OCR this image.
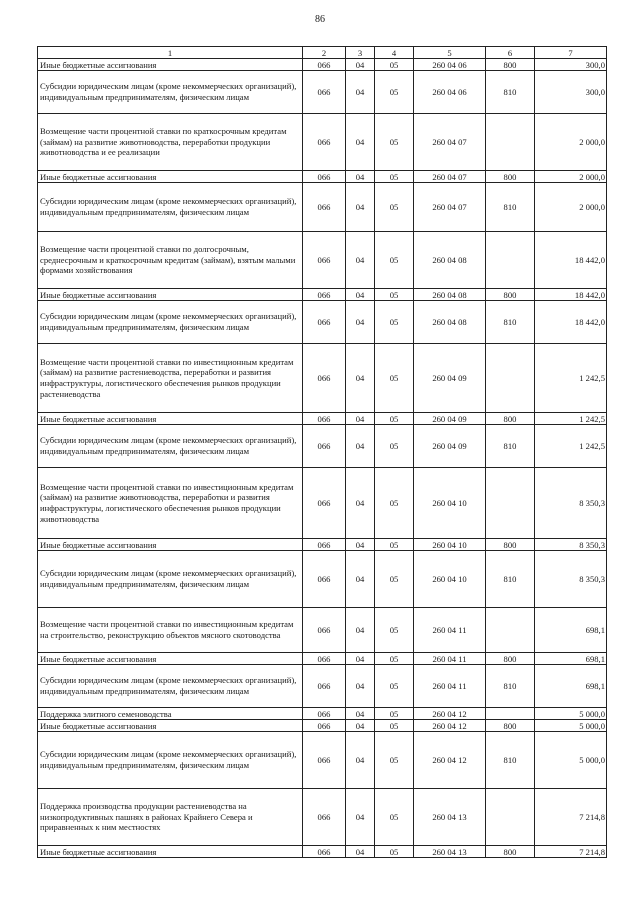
86
1	2	3	4	5	6	7
Иные бюджетные ассигнования	066	04	05	260 04 06	800	300,0
Субсидии юридическим лицам (кроме некоммерческих организаций), индивидуальным предпринимателям, физическим лицам	066	04	05	260 04 06	810	300,0
Возмещение части процентной ставки по краткосрочным кредитам (займам) на развитие животноводства, переработки продукции животноводства и ее реализации	066	04	05	260 04 07		2 000,0
Иные бюджетные ассигнования	066	04	05	260 04 07	800	2 000,0
Субсидии юридическим лицам (кроме некоммерческих организаций), индивидуальным предпринимателям, физическим лицам	066	04	05	260 04 07	810	2 000,0
Возмещение части процентной ставки по долгосрочным, среднесрочным и краткосрочным кредитам (займам), взятым малыми формами хозяйствования	066	04	05	260 04 08		18 442,0
Иные бюджетные ассигнования	066	04	05	260 04 08	800	18 442,0
Субсидии юридическим лицам (кроме некоммерческих организаций), индивидуальным предпринимателям, физическим лицам	066	04	05	260 04 08	810	18 442,0
Возмещение части процентной ставки по инвестиционным кредитам (займам) на развитие растениеводства, переработки и развития инфраструктуры, логистического обеспечения рынков продукции растениеводства	066	04	05	260 04 09		1 242,5
Иные бюджетные ассигнования	066	04	05	260 04 09	800	1 242,5
Субсидии юридическим лицам (кроме некоммерческих организаций), индивидуальным предпринимателям, физическим лицам	066	04	05	260 04 09	810	1 242,5
Возмещение части процентной ставки по инвестиционным кредитам (займам) на развитие животноводства, переработки и развития инфраструктуры, логистического обеспечения рынков продукции животноводства	066	04	05	260 04 10		8 350,3
Иные бюджетные ассигнования	066	04	05	260 04 10	800	8 350,3
Субсидии юридическим лицам (кроме некоммерческих организаций), индивидуальным предпринимателям, физическим лицам	066	04	05	260 04 10	810	8 350,3
Возмещение части процентной ставки по инвестиционным кредитам на строительство, реконструкцию объектов мясного скотоводства	066	04	05	260 04 11		698,1
Иные бюджетные ассигнования	066	04	05	260 04 11	800	698,1
Субсидии юридическим лицам (кроме некоммерческих организаций), индивидуальным предпринимателям, физическим лицам	066	04	05	260 04 11	810	698,1
Поддержка элитного семеноводства	066	04	05	260 04 12		5 000,0
Иные бюджетные ассигнования	066	04	05	260 04 12	800	5 000,0
Субсидии юридическим лицам (кроме некоммерческих организаций), индивидуальным предпринимателям, физическим лицам	066	04	05	260 04 12	810	5 000,0
Поддержка производства продукции растениеводства на низкопродуктивных пашнях в районах Крайнего Севера и приравненных к ним местностях	066	04	05	260 04 13		7 214,8
Иные бюджетные ассигнования	066	04	05	260 04 13	800	7 214,8
